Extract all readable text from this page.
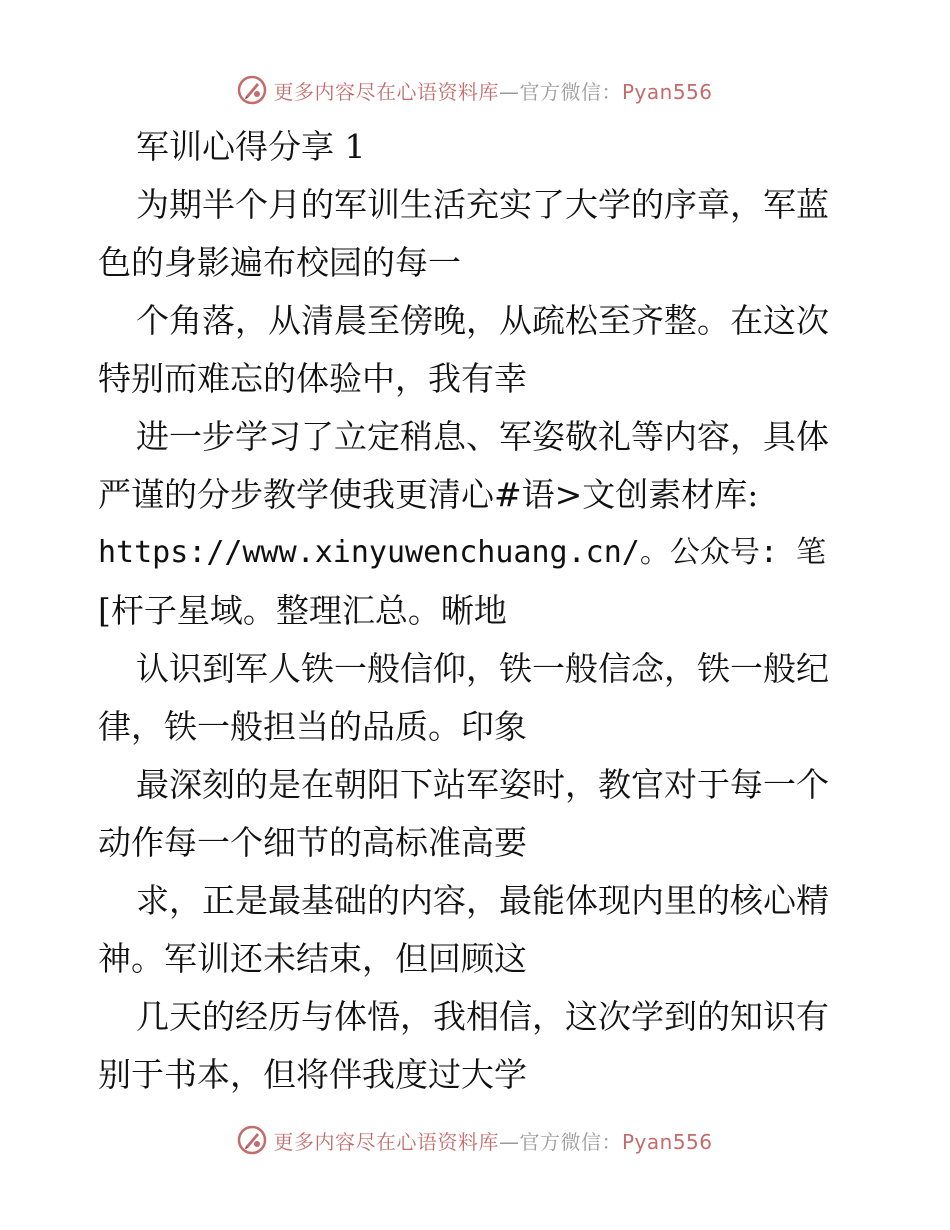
更多内容尽在心语资料库—官方微信：Pyan556
军训心得分享 1
为期半个月的军训生活充实了大学的序章，军蓝
色的身影遍布校园的每一
个角落，从清晨至傍晚，从疏松至齐整。在这次
特别而难忘的体验中，我有幸
进一步学习了立定稍息、军姿敬礼等内容，具体
严谨的分步教学使我更清心#语>文创素材库:
https://www.xinyuwenchuang.cn/。公众号: 笔
[杆子星域。整理汇总。晰地
认识到军人铁一般信仰，铁一般信念，铁一般纪
律，铁一般担当的品质。印象
最深刻的是在朝阳下站军姿时，教官对于每一个
动作每一个细节的高标准高要
求，正是最基础的内容，最能体现内里的核心精
神。军训还未结束，但回顾这
几天的经历与体悟，我相信，这次学到的知识有
别于书本，但将伴我度过大学
更多内容尽在心语资料库—官方微信：Pyan556
